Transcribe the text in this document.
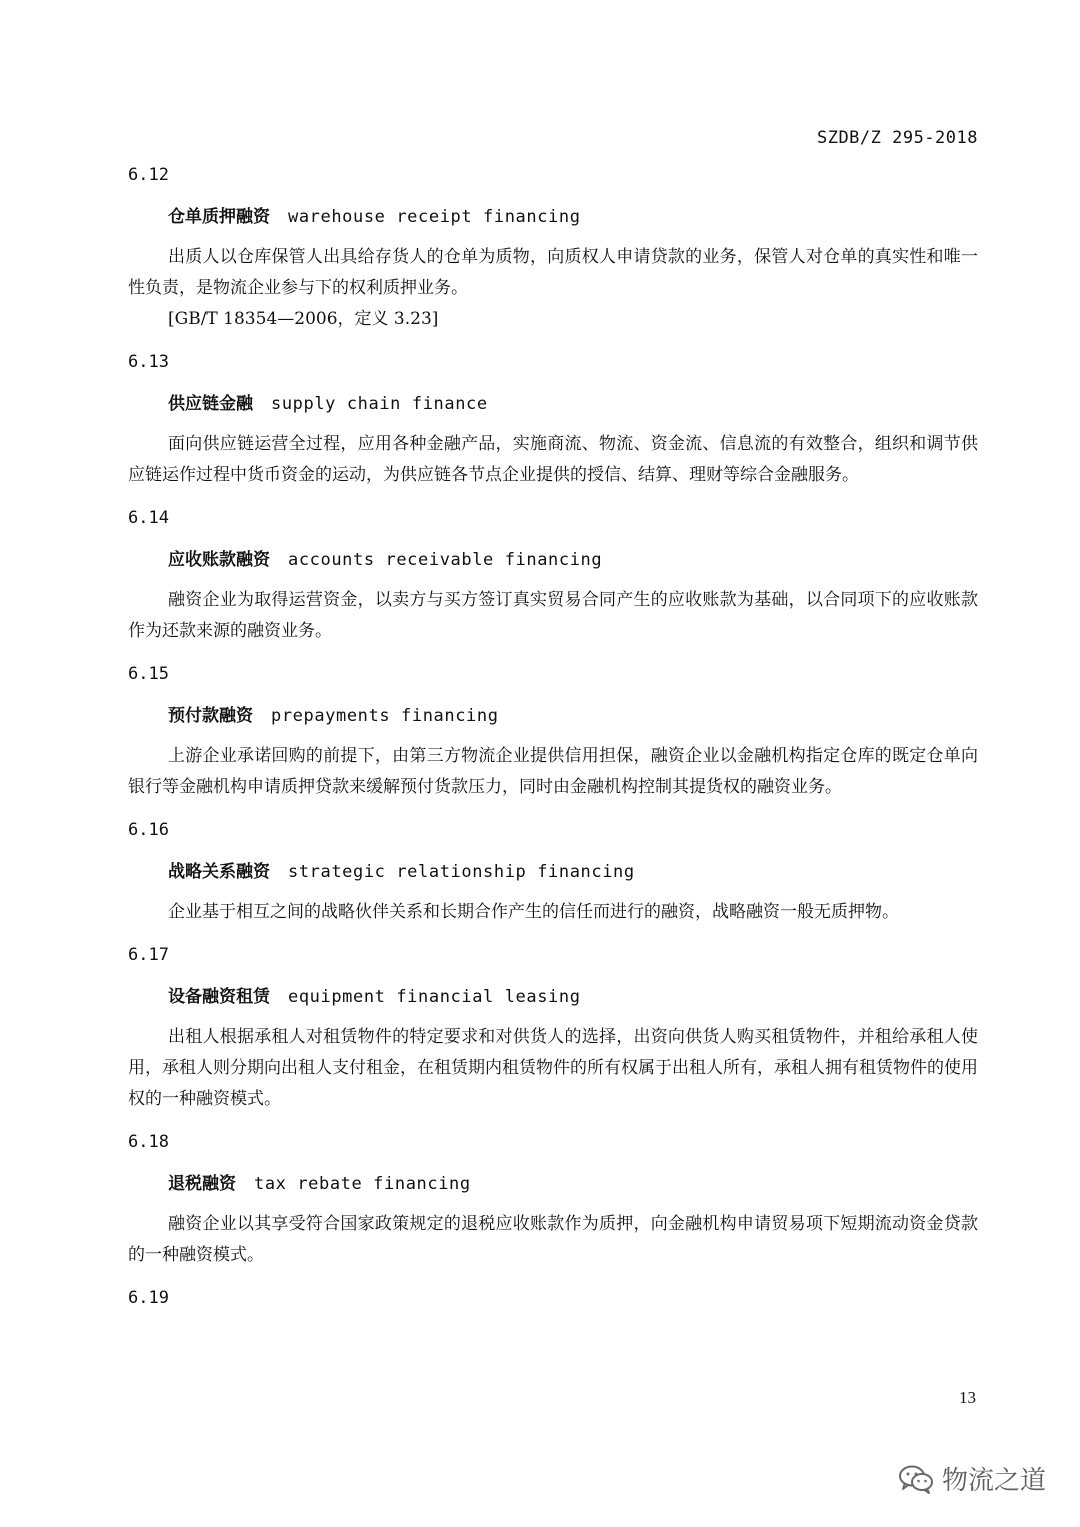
SZDB/Z 295-2018
6.12
仓单质押融资 warehouse receipt financing
出质人以仓库保管人出具给存货人的仓单为质物，向质权人申请贷款的业务，保管人对仓单的真实性和唯一性负责，是物流企业参与下的权利质押业务。
[GB/T 18354—2006，定义 3.23]
6.13
供应链金融 supply chain finance
面向供应链运营全过程，应用各种金融产品，实施商流、物流、资金流、信息流的有效整合，组织和调节供应链运作过程中货币资金的运动，为供应链各节点企业提供的授信、结算、理财等综合金融服务。
6.14
应收账款融资 accounts receivable financing
融资企业为取得运营资金，以卖方与买方签订真实贸易合同产生的应收账款为基础，以合同项下的应收账款作为还款来源的融资业务。
6.15
预付款融资 prepayments financing
上游企业承诺回购的前提下，由第三方物流企业提供信用担保，融资企业以金融机构指定仓库的既定仓单向银行等金融机构申请质押贷款来缓解预付货款压力，同时由金融机构控制其提货权的融资业务。
6.16
战略关系融资 strategic relationship financing
企业基于相互之间的战略伙伴关系和长期合作产生的信任而进行的融资，战略融资一般无质押物。
6.17
设备融资租赁 equipment financial leasing
出租人根据承租人对租赁物件的特定要求和对供货人的选择，出资向供货人购买租赁物件，并租给承租人使用，承租人则分期向出租人支付租金，在租赁期内租赁物件的所有权属于出租人所有，承租人拥有租赁物件的使用权的一种融资模式。
6.18
退税融资 tax rebate financing
融资企业以其享受符合国家政策规定的退税应收账款作为质押，向金融机构申请贸易项下短期流动资金贷款的一种融资模式。
6.19
13
物流之道
